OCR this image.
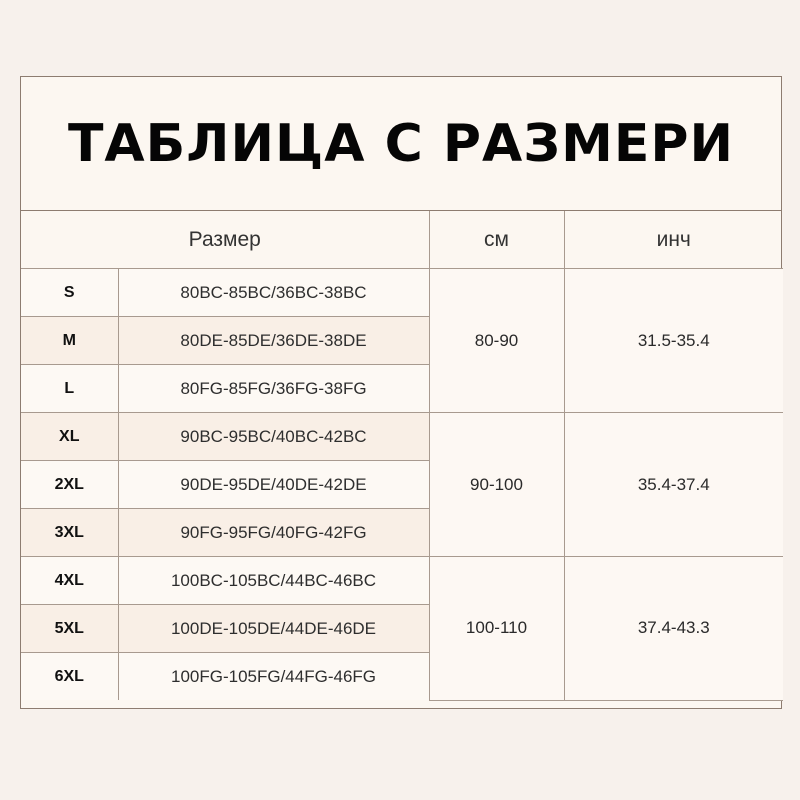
ТАБЛИЦА С РАЗМЕРИ
Размер		см	инч
S	80BC-85BC/36BC-38BC	80-90	31.5-35.4
M	80DE-85DE/36DE-38DE		
L	80FG-85FG/36FG-38FG		
XL	90BC-95BC/40BC-42BC	90-100	35.4-37.4
2XL	90DE-95DE/40DE-42DE		
3XL	90FG-95FG/40FG-42FG		
4XL	100BC-105BC/44BC-46BC	100-110	37.4-43.3
5XL	100DE-105DE/44DE-46DE		
6XL	100FG-105FG/44FG-46FG		
